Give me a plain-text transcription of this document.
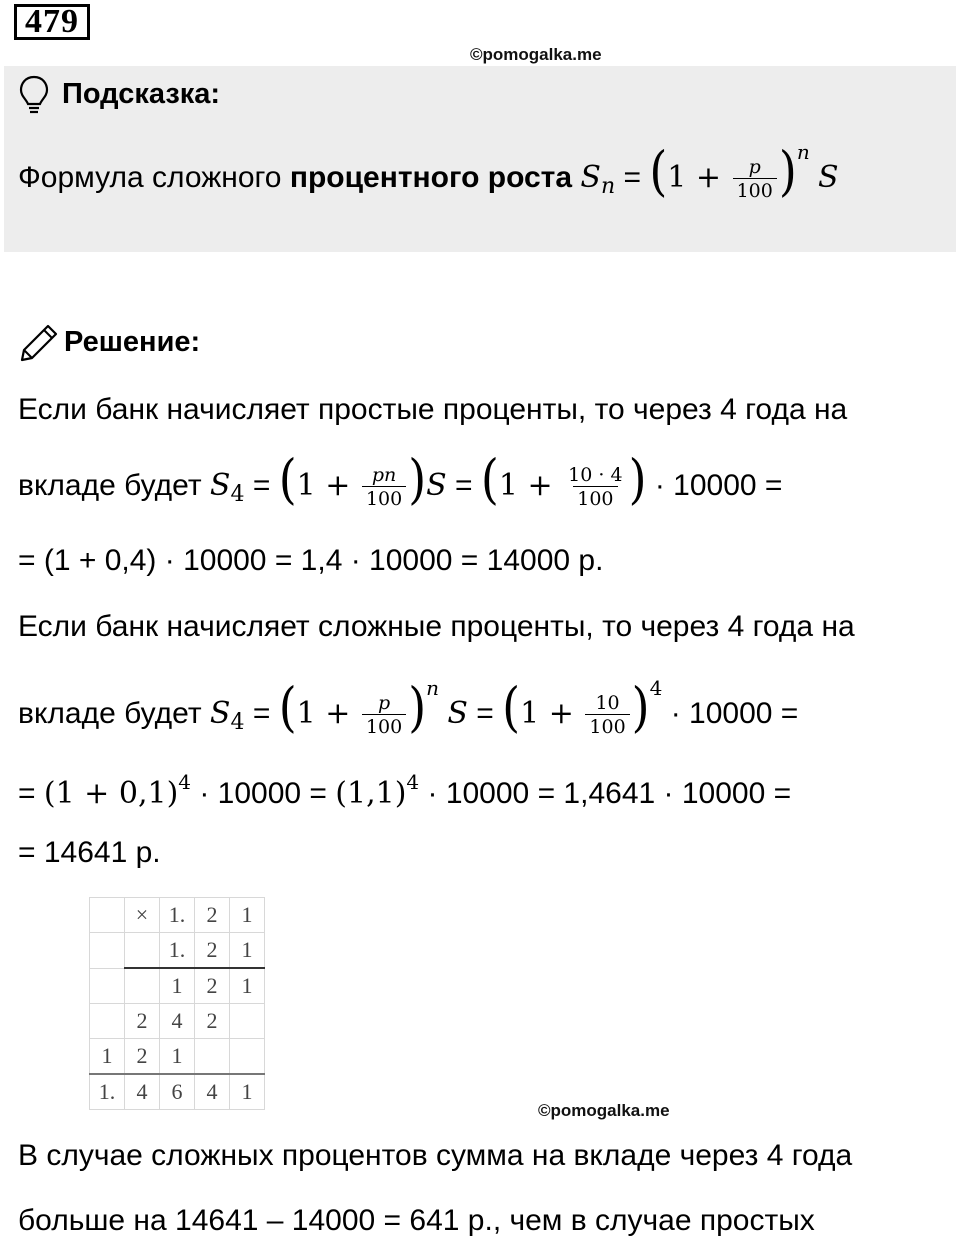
479
©pomogalka.me
Подсказка:
Формула сложного процентного роста $S_n = (1 + \frac{p}{100} )^n$ S
Решение:
Если банк начисляет простые проценты, то через 4 года на
вкладе будет $S_4 = (1 + \frac{pn}{100} )S = (1 + \frac{10 \cdot 4}{100}$ ) · 10000 =
= (1 + 0,4) · 10000 = 1,4 · 10000 = 14000 р.
Если банк начисляет сложные проценты, то через 4 года на
вкладе будет $S_4 = (1 + \frac{p}{100} )^n$ $S = (1 + \frac{10}{100} )^4 \cdot 10000$ =
= $(1 + 0,1)^4 \cdot 10000 = (1,1)^4 \cdot 10000 = 1,4641 \cdot 10000$ =
= 14641 р.
	×	1.	2	1
		1.	2	1
		1	2	1
	2	4	2	
1	2	1		
1.	4	6	4	1
©pomogalka.me
В случае сложных процентов сумма на вкладе через 4 года
больше на 14641 – 14000 = 641 р., чем в случае простых
